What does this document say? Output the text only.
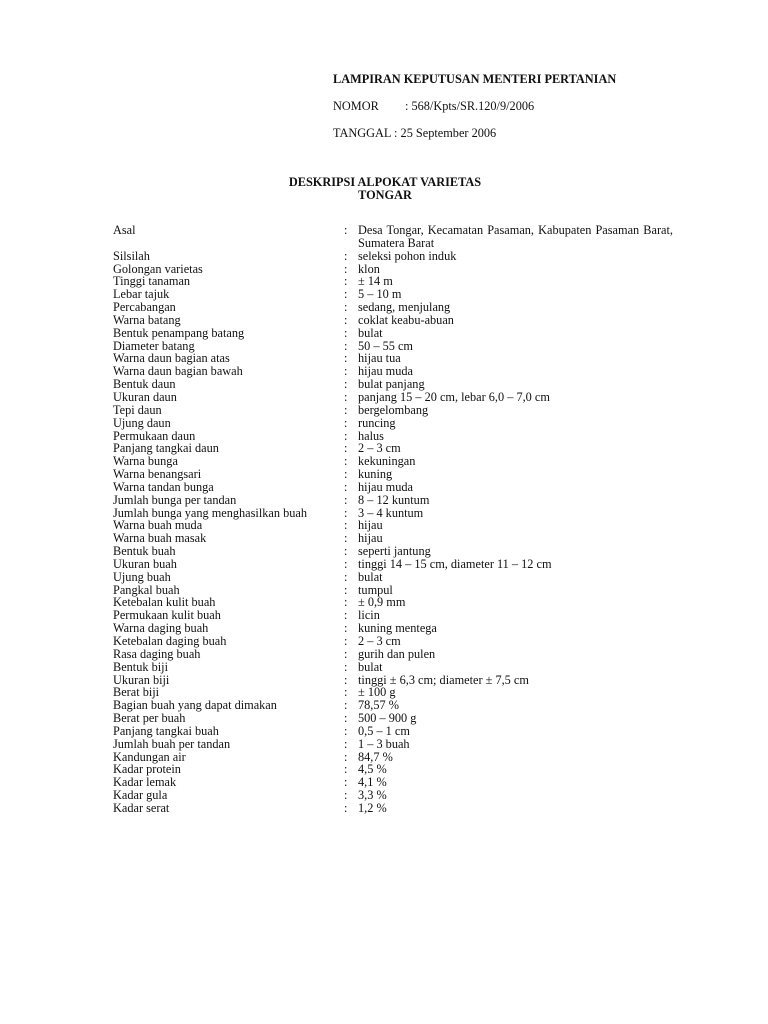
LAMPIRAN KEPUTUSAN MENTERI PERTANIAN
NOMOR : 568/Kpts/SR.120/9/2006
TANGGAL : 25 September 2006
DESKRIPSI ALPOKAT VARIETAS
TONGAR
Asal	: Desa Tongar, Kecamatan Pasaman, Kabupaten Pasaman Barat, Sumatera Barat
Silsilah	: seleksi pohon induk
Golongan varietas	: klon
Tinggi tanaman	: ± 14 m
Lebar tajuk	: 5 – 10 m
Percabangan	: sedang, menjulang
Warna batang	: coklat keabu-abuan
Bentuk penampang batang	: bulat
Diameter batang	: 50 – 55 cm
Warna daun bagian atas	: hijau tua
Warna daun bagian bawah	: hijau muda
Bentuk daun	: bulat panjang
Ukuran daun	: panjang 15 – 20 cm, lebar 6,0 – 7,0 cm
Tepi daun	: bergelombang
Ujung daun	: runcing
Permukaan daun	: halus
Panjang tangkai daun	: 2 – 3 cm
Warna bunga	: kekuningan
Warna benangsari	: kuning
Warna tandan bunga	: hijau muda
Jumlah bunga per tandan	: 8 – 12 kuntum
Jumlah bunga yang menghasilkan buah	: 3 – 4 kuntum
Warna buah muda	: hijau
Warna buah masak	: hijau
Bentuk buah	: seperti jantung
Ukuran buah	: tinggi 14 – 15 cm, diameter 11 – 12 cm
Ujung buah	: bulat
Pangkal buah	: tumpul
Ketebalan kulit buah	: ± 0,9 mm
Permukaan kulit buah	: licin
Warna daging buah	: kuning mentega
Ketebalan daging buah	: 2 – 3 cm
Rasa daging buah	: gurih dan pulen
Bentuk biji	: bulat
Ukuran biji	: tinggi ± 6,3 cm; diameter ± 7,5 cm
Berat biji	: ± 100 g
Bagian buah yang dapat dimakan	: 78,57 %
Berat per buah	: 500 – 900 g
Panjang tangkai buah	: 0,5 – 1 cm
Jumlah buah per tandan	: 1 – 3 buah
Kandungan air	: 84,7 %
Kadar protein	: 4,5 %
Kadar lemak	: 4,1 %
Kadar gula	: 3,3 %
Kadar serat	: 1,2 %
